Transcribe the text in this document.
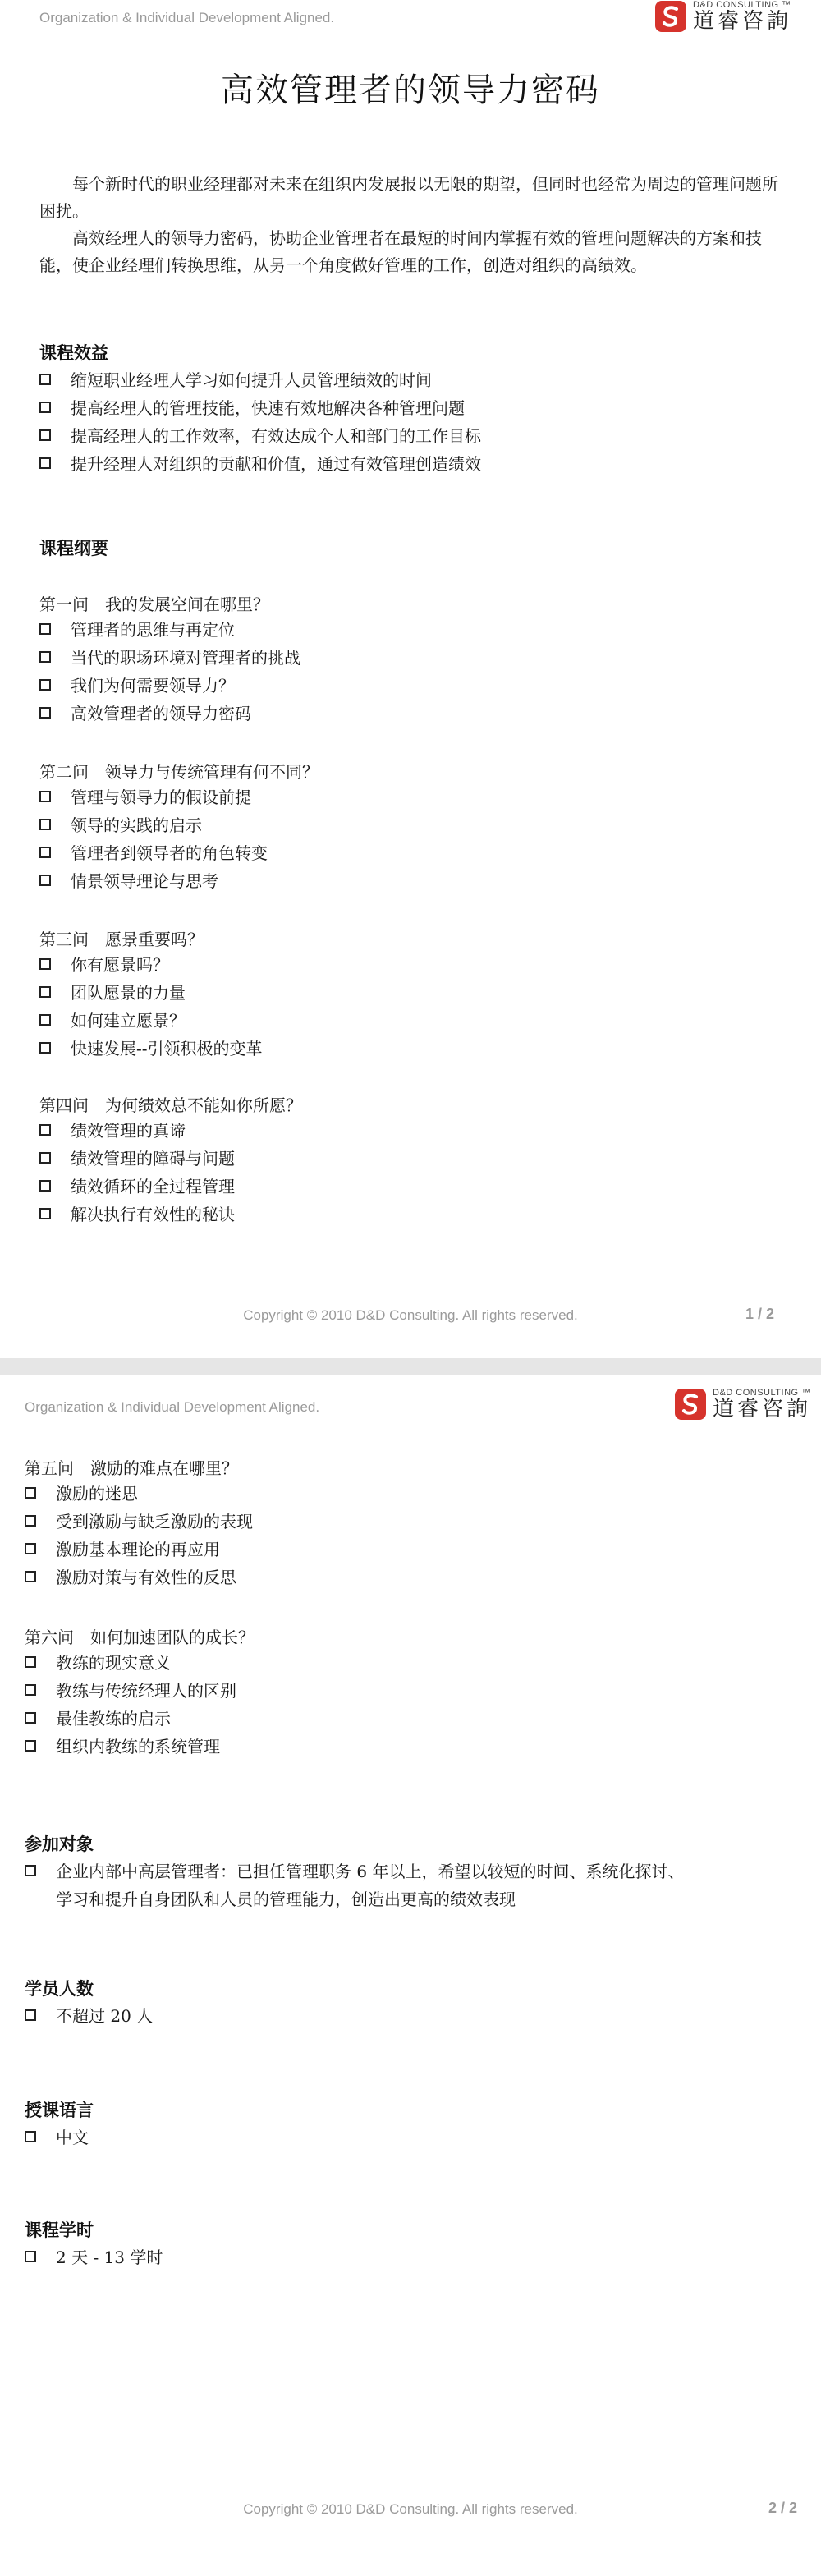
Organization & Individual Development Aligned.
D&D CONSULTING ™
道睿咨詢
高效管理者的领导力密码

每个新时代的职业经理都对未来在组织内发展报以无限的期望，但同时也经常为周边的管理问题所困扰。

高效经理人的领导力密码，协助企业管理者在最短的时间内掌握有效的管理问题解决的方案和技能，使企业经理们转换思维，从另一个角度做好管理的工作，创造对组织的高绩效。

课程效益
缩短职业经理人学习如何提升人员管理绩效的时间
提高经理人的管理技能，快速有效地解决各种管理问题
提高经理人的工作效率，有效达成个人和部门的工作目标
提升经理人对组织的贡献和价值，通过有效管理创造绩效
课程纲要
第一问　我的发展空间在哪里？
管理者的思维与再定位
当代的职场环境对管理者的挑战
我们为何需要领导力？
高效管理者的领导力密码
第二问　领导力与传统管理有何不同？
管理与领导力的假设前提
领导的实践的启示
管理者到领导者的角色转变
情景领导理论与思考
第三问　愿景重要吗？
你有愿景吗？
团队愿景的力量
如何建立愿景？
快速发展--引领积极的变革
第四问　为何绩效总不能如你所愿？
绩效管理的真谛
绩效管理的障碍与问题
绩效循环的全过程管理
解决执行有效性的秘诀
Copyright © 2010 D&D Consulting. All rights reserved.	1 / 2
Organization & Individual Development Aligned.
D&D CONSULTING ™
道睿咨詢
第五问　激励的难点在哪里？
激励的迷思
受到激励与缺乏激励的表现
激励基本理论的再应用
激励对策与有效性的反思
第六问　如何加速团队的成长？
教练的现实意义
教练与传统经理人的区别
最佳教练的启示
组织内教练的系统管理
参加对象
企业内部中高层管理者：已担任管理职务 6 年以上，希望以较短的时间、系统化探讨、
学习和提升自身团队和人员的管理能力，创造出更高的绩效表现
学员人数
不超过 20 人
授课语言
中文
课程学时
2 天 - 13 学时
Copyright © 2010 D&D Consulting. All rights reserved.	2 / 2
